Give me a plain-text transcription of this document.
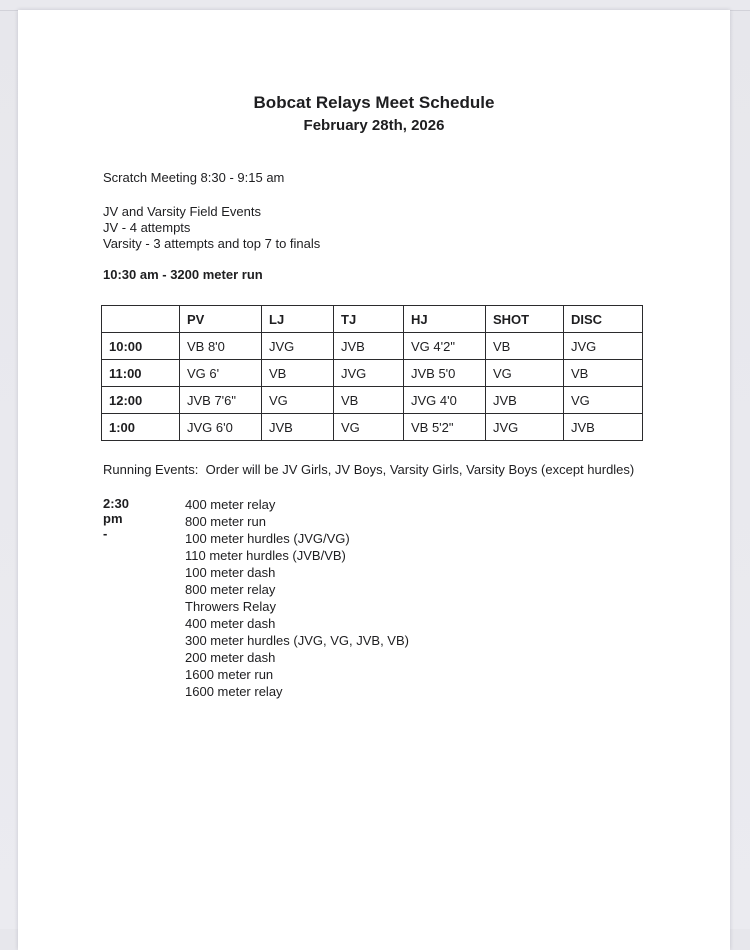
Bobcat Relays Meet Schedule
February 28th, 2026
Scratch Meeting 8:30 - 9:15 am
JV and Varsity Field Events
JV - 4 attempts
Varsity - 3 attempts and top 7 to finals
10:30 am - 3200 meter run
	PV	LJ	TJ	HJ	SHOT	DISC
10:00	VB 8'0	JVG	JVB	VG 4'2"	VB	JVG
11:00	VG 6'	VB	JVG	JVB 5'0	VG	VB
12:00	JVB 7'6"	VG	VB	JVG 4'0	JVB	VG
1:00	JVG 6'0	JVB	VG	VB 5'2"	JVG	JVB
Running Events:  Order will be JV Girls, JV Boys, Varsity Girls, Varsity Boys (except hurdles)
2:30 pm -
400 meter relay
800 meter run
100 meter hurdles (JVG/VG)
110 meter hurdles (JVB/VB)
100 meter dash
800 meter relay
Throwers Relay
400 meter dash
300 meter hurdles (JVG, VG, JVB, VB)
200 meter dash
1600 meter run
1600 meter relay
